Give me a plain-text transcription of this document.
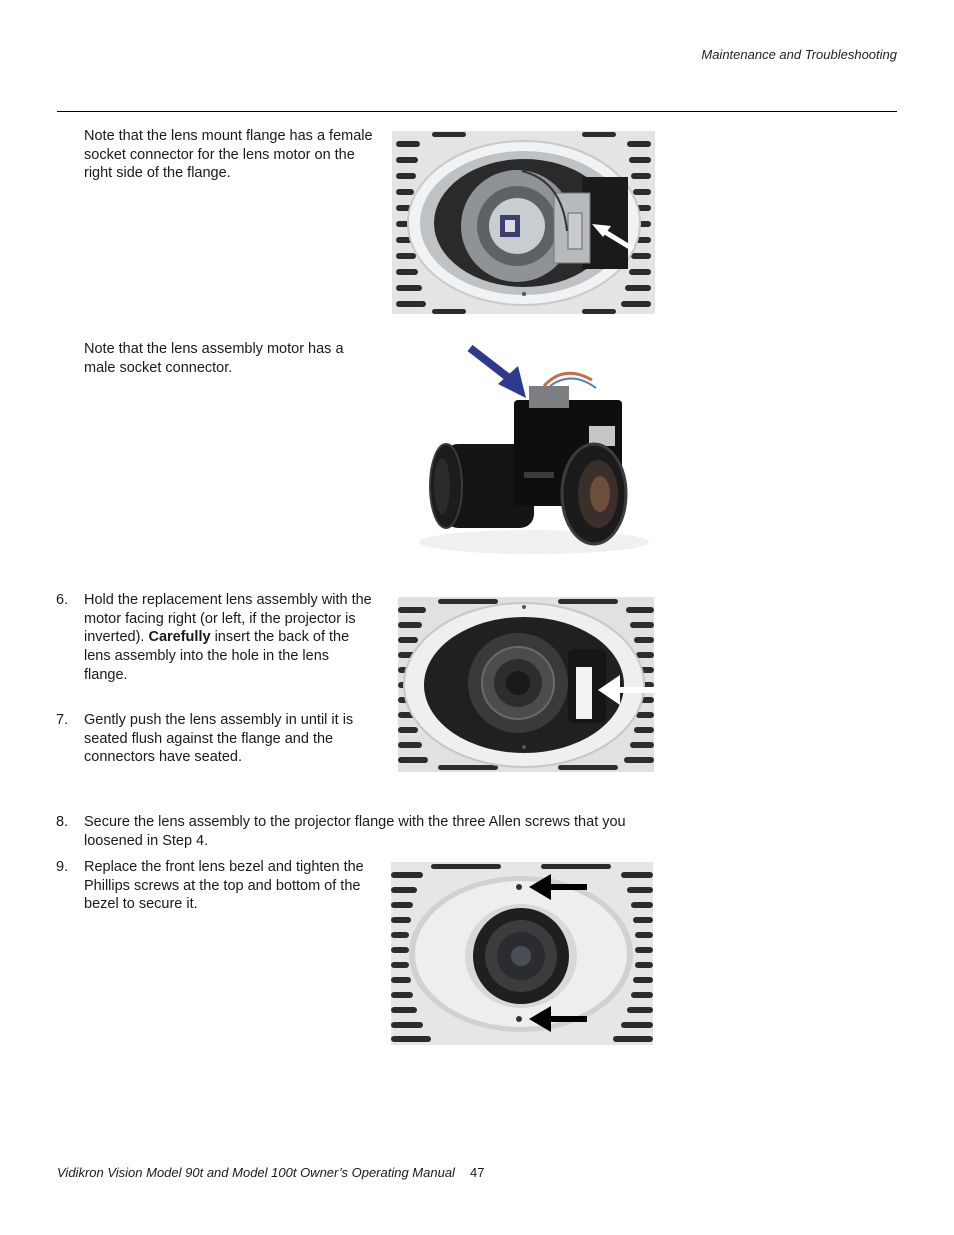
Maintenance and Troubleshooting
Note that the lens mount flange has a female socket connector for the lens motor on the right side of the flange.
Note that the lens assembly motor has a male socket connector.
6. Hold the replacement lens assembly with the motor facing right (or left, if the projector is inverted). Carefully insert the back of the lens assembly into the hole in the lens flange.
7. Gently push the lens assembly in until it is seated flush against the flange and the connectors have seated.
8. Secure the lens assembly to the projector flange with the three Allen screws that you loosened in Step 4.
9. Replace the front lens bezel and tighten the Phillips screws at the top and bottom of the bezel to secure it.
Vidikron Vision Model 90t and Model 100t Owner’s Operating Manual 47
